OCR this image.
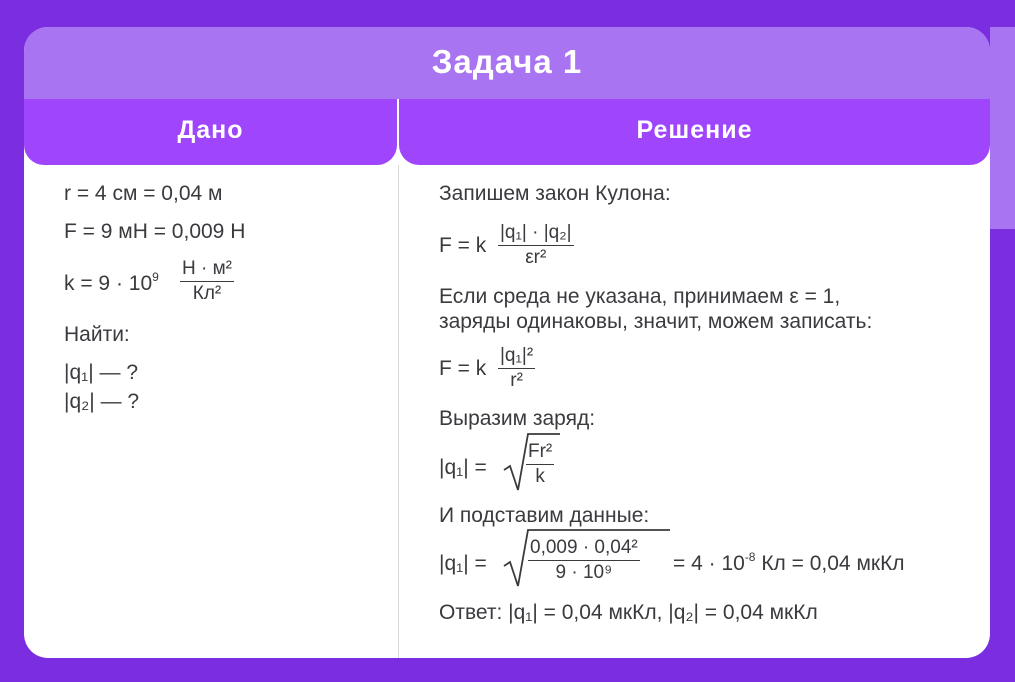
Задача 1
Дано	Решение
r = 4 см = 0,04 м
F = 9 мН = 0,009 Н
$k = 9 \cdot 10^9$ Н · м²
Кл²
Найти:
|q₁| — ?
|q₂| — ?
Запишем закон Кулона:
F = k $\frac{\text{|q₁| · |q₂|}}{\text{εr²}}$
Если среда не указана, принимаем ε = 1,
заряды одинаковы, значит, можем записать:
F = k $\frac{\text{|q₁|²}}{\text{r²}}$
Выразим заряд:
$|q_1| = \frac{\text{Fr²}}{k}$
И подставим данные:
$|q_1| = \frac{\text{0,009 · 0,04²}}{\text{9 · 10⁹}} = 4 \cdot 10^{-8}$ Кл = 0,04 мкКл
Ответ: |q₁| = 0,04 мкКл, |q₂| = 0,04 мкКл
